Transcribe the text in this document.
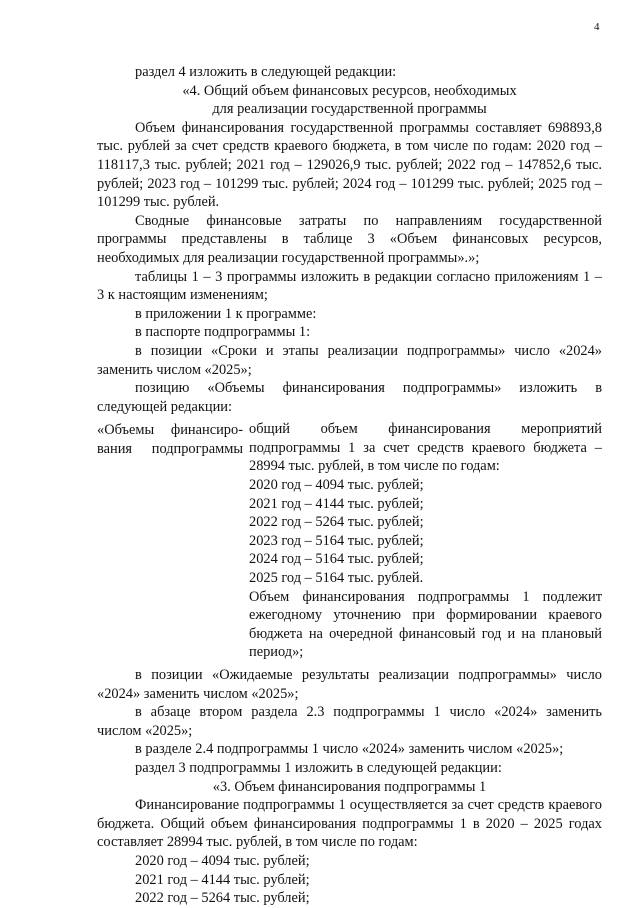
4

раздел 4 изложить в следующей редакции:

«4. Общий объем финансовых ресурсов, необходимых

для реализации государственной программы

Объем финансирования государственной программы составляет 698893,8 тыс. рублей за счет средств краевого бюджета, в том числе по годам: 2020 год – 118117,3 тыс. рублей; 2021 год – 129026,9 тыс. рублей; 2022 год – 147852,6 тыс. рублей; 2023 год – 101299 тыс. рублей; 2024 год – 101299 тыс. рублей; 2025 год – 101299 тыс. рублей.

Сводные финансовые затраты по направлениям государственной программы представлены в таблице 3 «Объем финансовых ресурсов, необходимых для реализации государственной программы».»;

таблицы 1 – 3 программы изложить в редакции согласно приложениям 1 – 3 к настоящим изменениям;

в приложении 1 к программе:

в паспорте подпрограммы 1:

в позиции «Сроки и этапы реализации подпрограммы» число «2024» заменить числом «2025»;

позицию «Объемы финансирования подпрограммы» изложить в следующей редакции:

«Объемы финансиро-

вания подпрограммы

общий объем финансирования мероприятий подпрограммы 1 за счет средств краевого бюджета – 28994 тыс. рублей, в том числе по годам:

2020 год – 4094 тыс. рублей;

2021 год – 4144 тыс. рублей;

2022 год – 5264 тыс. рублей;

2023 год – 5164 тыс. рублей;

2024 год – 5164 тыс. рублей;

2025 год – 5164 тыс. рублей.

Объем финансирования подпрограммы 1 подлежит ежегодному уточнению при формировании краевого бюджета на очередной финансовый год и на плановый период»;

в позиции «Ожидаемые результаты реализации подпрограммы» число «2024» заменить числом «2025»;

в абзаце втором раздела 2.3 подпрограммы 1 число «2024» заменить числом «2025»;

в разделе 2.4 подпрограммы 1 число «2024» заменить числом «2025»;

раздел 3 подпрограммы 1 изложить в следующей редакции:

«3. Объем финансирования подпрограммы 1

Финансирование подпрограммы 1 осуществляется за счет средств краевого бюджета. Общий объем финансирования подпрограммы 1 в 2020 – 2025 годах составляет 28994 тыс. рублей, в том числе по годам:

2020 год – 4094 тыс. рублей;

2021 год – 4144 тыс. рублей;

2022 год – 5264 тыс. рублей;
